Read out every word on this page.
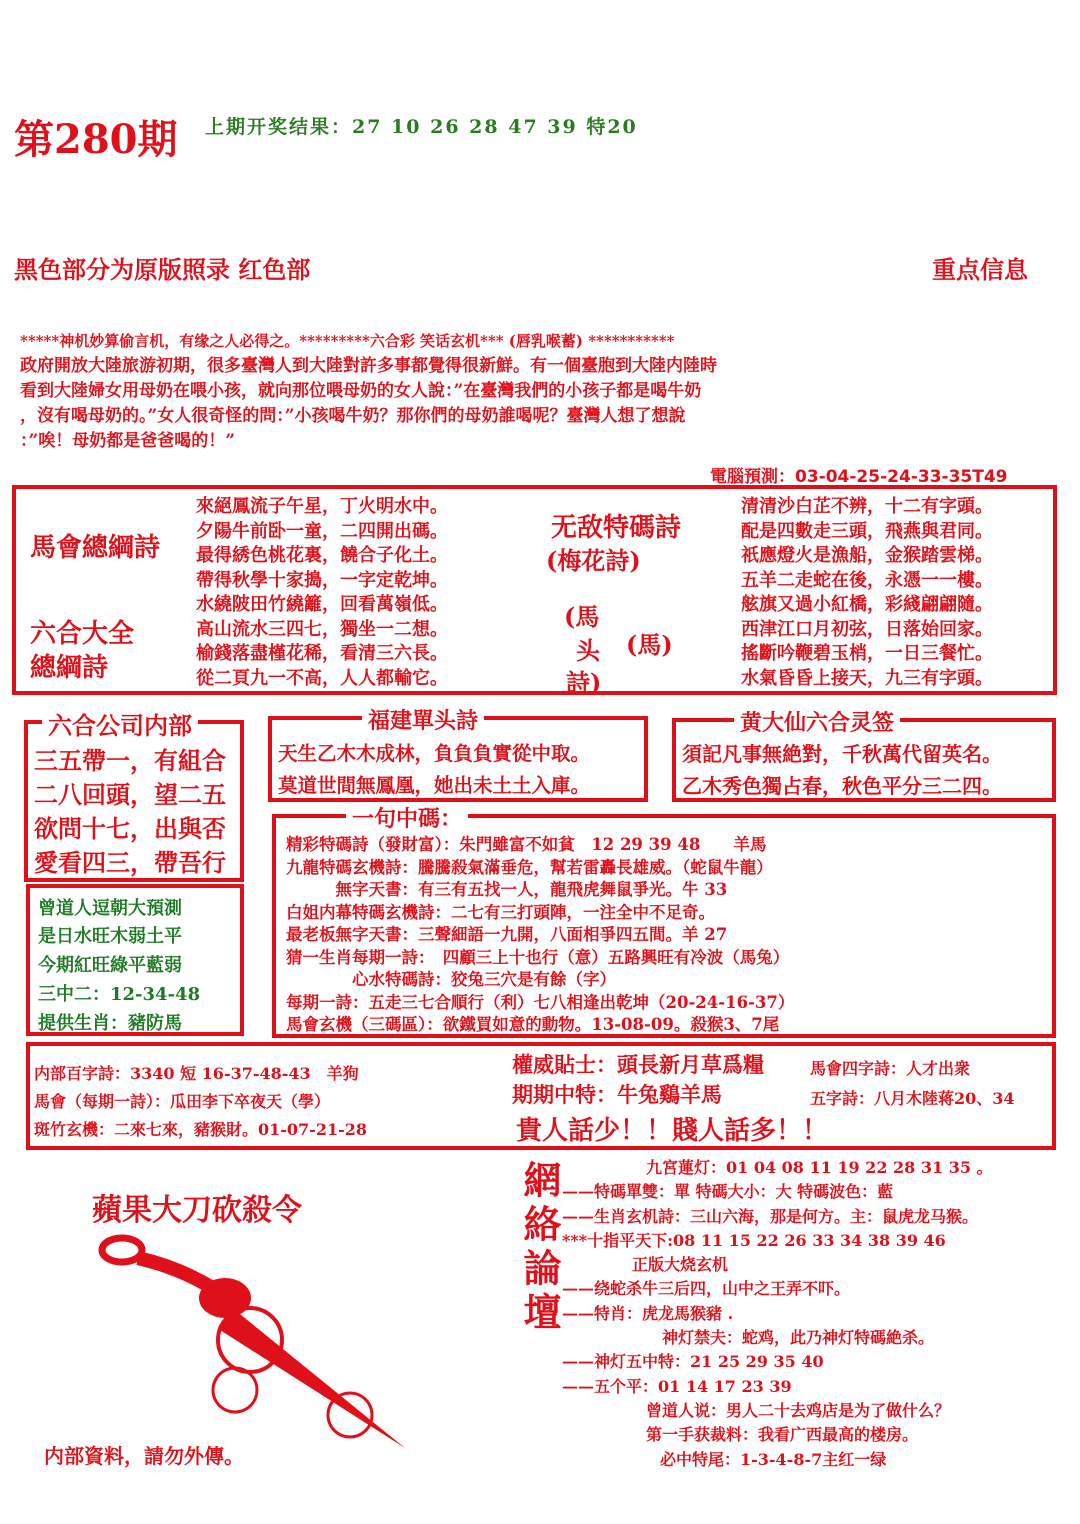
第280期 上期开奖结果：27 10 26 28 47 39 特20
黑色部分为原版照录 红色部	重点信息
*****神机妙算偷言机，有缘之人必得之。*********六合彩 笑话玄机*** (唇乳喉蓄) ***********
政府開放大陸旅游初期，很多臺灣人到大陸對許多事都覺得很新鮮。有一個臺胞到大陸内陸時
看到大陸婦女用母奶在喂小孩，就向那位喂母奶的女人說：”在臺灣我們的小孩子都是喝牛奶
，沒有喝母奶的。”女人很奇怪的問：”小孩喝牛奶？那你們的母奶誰喝呢？臺灣人想了想說
：”唉！母奶都是爸爸喝的！”
電腦預測：03-04-25-24-33-35T49
馬會總綱詩
六合大全
總綱詩
來絕鳳流子午星，丁火明水中。
夕陽牛前卧一童，二四開出碼。
最得綉色桃花裏，饒合子化土。
帶得秋學十家搗，一字定乾坤。
水繞陂田竹繞籬，回看萬嶺低。
高山流水三四七，獨坐一二想。
榆錢落盡槿花稀，看清三六長。
從二頁九一不高，人人都輸它。
无敌特碼詩
(梅花詩)
(馬
头
詩)
(馬)
清清沙白芷不辨，十二有字頭。
配是四數走三頭，飛燕與君同。
祇應燈火是漁船，金猴踏雲梯。
五羊二走蛇在後，永憑一一樓。
舷旗又過小紅橋，彩綫翩翩隨。
西津江口月初弦，日落始回家。
搖斷吟鞭碧玉梢，一日三餐忙。
水氣昏昏上接天，九三有字頭。
六合公司内部
三五帶一，有組合
二八回頭，望二五
欲問十七，出與否
愛看四三，帶吾行
福建單头詩
天生乙木木成林，負負負實從中取。
莫道世間無鳳凰，她出未土土入庫。
黄大仙六合灵签
須記凡事無絶對，千秋萬代留英名。
乙木秀色獨占春，秋色平分三二四。
曾道人逗朝大預測
是日水旺木弱土平
今期紅旺綠平藍弱
三中二：12-34-48
提供生肖：豬防馬
一句中碼：
精彩特碼詩（發財富）：朱門雖富不如貧　12 29 39 48　　羊馬
九龍特碼玄機詩：騰騰殺氣滿垂危，幫若雷轟長雄威。（蛇鼠牛龍）
　　　無字天書：有三有五找一人，龍飛虎舞鼠爭光。牛 33
白姐内幕特碼玄機詩：二七有三打頭陣，一注全中不足奇。
最老板無字天書：三聲細語一九開，八面相爭四五間。羊 27
猜一生肖每期一詩：　四顧三上十也行（意）五路興旺有冷波（馬兔）
　　　　心水特碼詩：狡兔三穴是有餘（字）
每期一詩：五走三七合順行（利）七八相逢出乾坤（20-24-16-37）
馬會玄機（三碼區）：欲鐵買如意的動物。13-08-09。殺猴3、7尾
内部百字詩：3340 短 16-37-48-43　羊狗
馬會（每期一詩）：瓜田李下卒夜天（學）
斑竹玄機：二來七來，豬猴財。01-07-21-28
權威貼士：頭長新月草爲糧
期期中特：牛兔鷄羊馬
馬會四字詩：人才出衆
五字詩：八月木陸蒋20、34
貴人話少！！賤人話多！！
蘋果大刀砍殺令
内部資料，請勿外傳。
網絡論壇	九宮蓮灯：01 04 08 11 19 22 28 31 35 。
——特碼單雙：單 特碼大小：大 特碼波色：藍
——生肖玄机詩：三山六海，那是何方。主：鼠虎龙马猴。
***十指平天下:08 11 15 22 26 33 34 38 39 46
正版大烧玄机
——绕蛇杀牛三后四，山中之王弄不吓。
——特肖：虎龙馬猴豬 .
神灯禁夫：蛇鸡，此乃神灯特碼絶杀。
——神灯五中特：21 25 29 35 40
——五个平：01 14 17 23 39
曾道人说：男人二十去鸡店是为了做什么？
第一手获裁料：我看广西最高的楼房。
必中特尾：1-3-4-8-7主红一绿
